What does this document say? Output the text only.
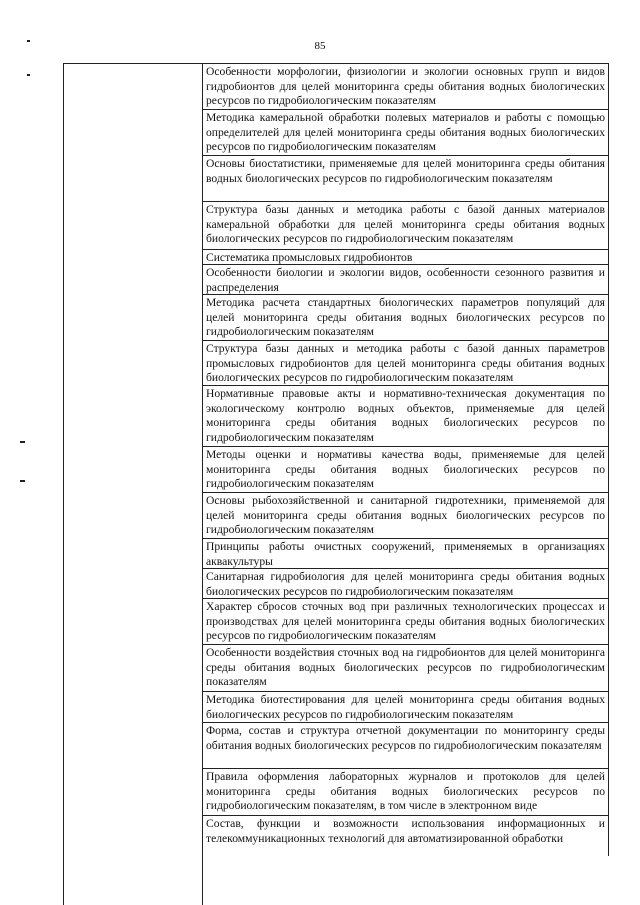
85
Особенности морфологии, физиологии и экологии основных групп и видов гидробионтов для целей мониторинга среды обитания водных биологических ресурсов по гидробиологическим показателям
Методика камеральной обработки полевых материалов и работы с помощью определителей для целей мониторинга среды обитания водных биологических ресурсов по гидробиологическим показателям
Основы биостатистики, применяемые для целей мониторинга среды обитания водных биологических ресурсов по гидробиологическим показателям
Структура базы данных и методика работы с базой данных материалов камеральной обработки для целей мониторинга среды обитания водных биологических ресурсов по гидробиологическим показателям
Систематика промысловых гидробионтов
Особенности биологии и экологии видов, особенности сезонного развития и распределения
Методика расчета стандартных биологических параметров популяций для целей мониторинга среды обитания водных биологических ресурсов по гидробиологическим показателям
Структура базы данных и методика работы с базой данных параметров промысловых гидробионтов для целей мониторинга среды обитания водных биологических ресурсов по гидробиологическим показателям
Нормативные правовые акты и нормативно-техническая документация по экологическому контролю водных объектов, применяемые для целей мониторинга среды обитания водных биологических ресурсов по гидробиологическим показателям
Методы оценки и нормативы качества воды, применяемые для целей мониторинга среды обитания водных биологических ресурсов по гидробиологическим показателям
Основы рыбохозяйственной и санитарной гидротехники, применяемой для целей мониторинга среды обитания водных биологических ресурсов по гидробиологическим показателям
Принципы работы очистных сооружений, применяемых в организациях аквакультуры
Санитарная гидробиология для целей мониторинга среды обитания водных биологических ресурсов по гидробиологическим показателям
Характер сбросов сточных вод при различных технологических процессах и производствах для целей мониторинга среды обитания водных биологических ресурсов по гидробиологическим показателям
Особенности воздействия сточных вод на гидробионтов для целей мониторинга среды обитания водных биологических ресурсов по гидробиологическим показателям
Методика биотестирования для целей мониторинга среды обитания водных биологических ресурсов по гидробиологическим показателям
Форма, состав и структура отчетной документации по мониторингу среды обитания водных биологических ресурсов по гидробиологическим показателям
Правила оформления лабораторных журналов и протоколов для целей мониторинга среды обитания водных биологических ресурсов по гидробиологическим показателям, в том числе в электронном виде
Состав, функции и возможности использования информационных и телекоммуникационных технологий для автоматизированной обработки
